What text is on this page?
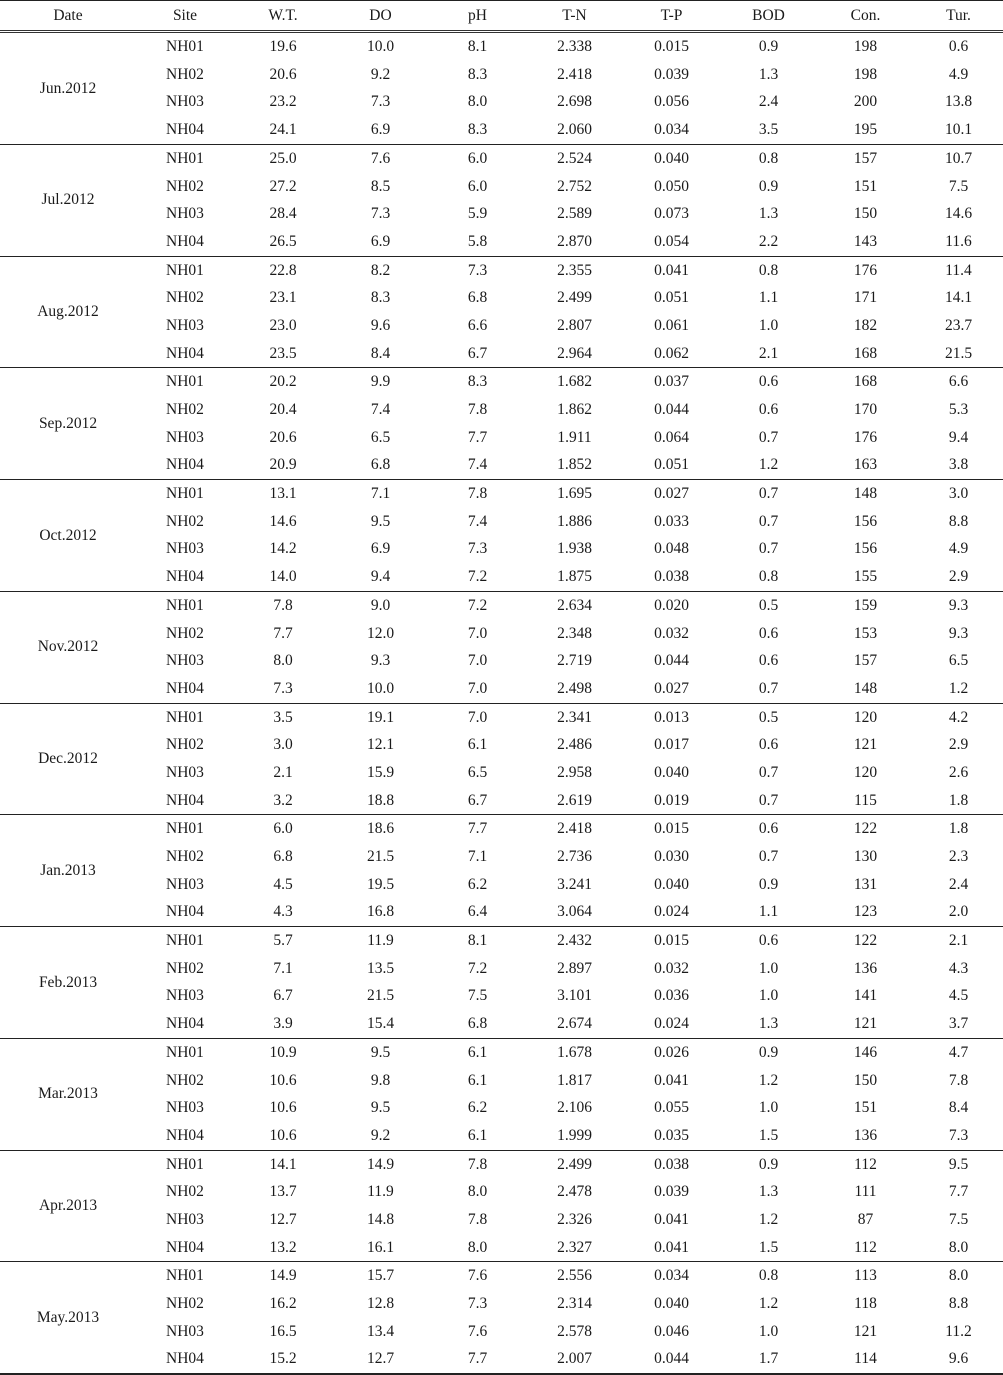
Date	Site	W.T.	DO	pH	T-N	T-P	BOD	Con.	Tur.
Jun.2012	NH01	19.6	10.0	8.1	2.338	0.015	0.9	198	0.6
	NH02	20.6	9.2	8.3	2.418	0.039	1.3	198	4.9
	NH03	23.2	7.3	8.0	2.698	0.056	2.4	200	13.8
	NH04	24.1	6.9	8.3	2.060	0.034	3.5	195	10.1
Jul.2012	NH01	25.0	7.6	6.0	2.524	0.040	0.8	157	10.7
	NH02	27.2	8.5	6.0	2.752	0.050	0.9	151	7.5
	NH03	28.4	7.3	5.9	2.589	0.073	1.3	150	14.6
	NH04	26.5	6.9	5.8	2.870	0.054	2.2	143	11.6
Aug.2012	NH01	22.8	8.2	7.3	2.355	0.041	0.8	176	11.4
	NH02	23.1	8.3	6.8	2.499	0.051	1.1	171	14.1
	NH03	23.0	9.6	6.6	2.807	0.061	1.0	182	23.7
	NH04	23.5	8.4	6.7	2.964	0.062	2.1	168	21.5
Sep.2012	NH01	20.2	9.9	8.3	1.682	0.037	0.6	168	6.6
	NH02	20.4	7.4	7.8	1.862	0.044	0.6	170	5.3
	NH03	20.6	6.5	7.7	1.911	0.064	0.7	176	9.4
	NH04	20.9	6.8	7.4	1.852	0.051	1.2	163	3.8
Oct.2012	NH01	13.1	7.1	7.8	1.695	0.027	0.7	148	3.0
	NH02	14.6	9.5	7.4	1.886	0.033	0.7	156	8.8
	NH03	14.2	6.9	7.3	1.938	0.048	0.7	156	4.9
	NH04	14.0	9.4	7.2	1.875	0.038	0.8	155	2.9
Nov.2012	NH01	7.8	9.0	7.2	2.634	0.020	0.5	159	9.3
	NH02	7.7	12.0	7.0	2.348	0.032	0.6	153	9.3
	NH03	8.0	9.3	7.0	2.719	0.044	0.6	157	6.5
	NH04	7.3	10.0	7.0	2.498	0.027	0.7	148	1.2
Dec.2012	NH01	3.5	19.1	7.0	2.341	0.013	0.5	120	4.2
	NH02	3.0	12.1	6.1	2.486	0.017	0.6	121	2.9
	NH03	2.1	15.9	6.5	2.958	0.040	0.7	120	2.6
	NH04	3.2	18.8	6.7	2.619	0.019	0.7	115	1.8
Jan.2013	NH01	6.0	18.6	7.7	2.418	0.015	0.6	122	1.8
	NH02	6.8	21.5	7.1	2.736	0.030	0.7	130	2.3
	NH03	4.5	19.5	6.2	3.241	0.040	0.9	131	2.4
	NH04	4.3	16.8	6.4	3.064	0.024	1.1	123	2.0
Feb.2013	NH01	5.7	11.9	8.1	2.432	0.015	0.6	122	2.1
	NH02	7.1	13.5	7.2	2.897	0.032	1.0	136	4.3
	NH03	6.7	21.5	7.5	3.101	0.036	1.0	141	4.5
	NH04	3.9	15.4	6.8	2.674	0.024	1.3	121	3.7
Mar.2013	NH01	10.9	9.5	6.1	1.678	0.026	0.9	146	4.7
	NH02	10.6	9.8	6.1	1.817	0.041	1.2	150	7.8
	NH03	10.6	9.5	6.2	2.106	0.055	1.0	151	8.4
	NH04	10.6	9.2	6.1	1.999	0.035	1.5	136	7.3
Apr.2013	NH01	14.1	14.9	7.8	2.499	0.038	0.9	112	9.5
	NH02	13.7	11.9	8.0	2.478	0.039	1.3	111	7.7
	NH03	12.7	14.8	7.8	2.326	0.041	1.2	87	7.5
	NH04	13.2	16.1	8.0	2.327	0.041	1.5	112	8.0
May.2013	NH01	14.9	15.7	7.6	2.556	0.034	0.8	113	8.0
	NH02	16.2	12.8	7.3	2.314	0.040	1.2	118	8.8
	NH03	16.5	13.4	7.6	2.578	0.046	1.0	121	11.2
	NH04	15.2	12.7	7.7	2.007	0.044	1.7	114	9.6
